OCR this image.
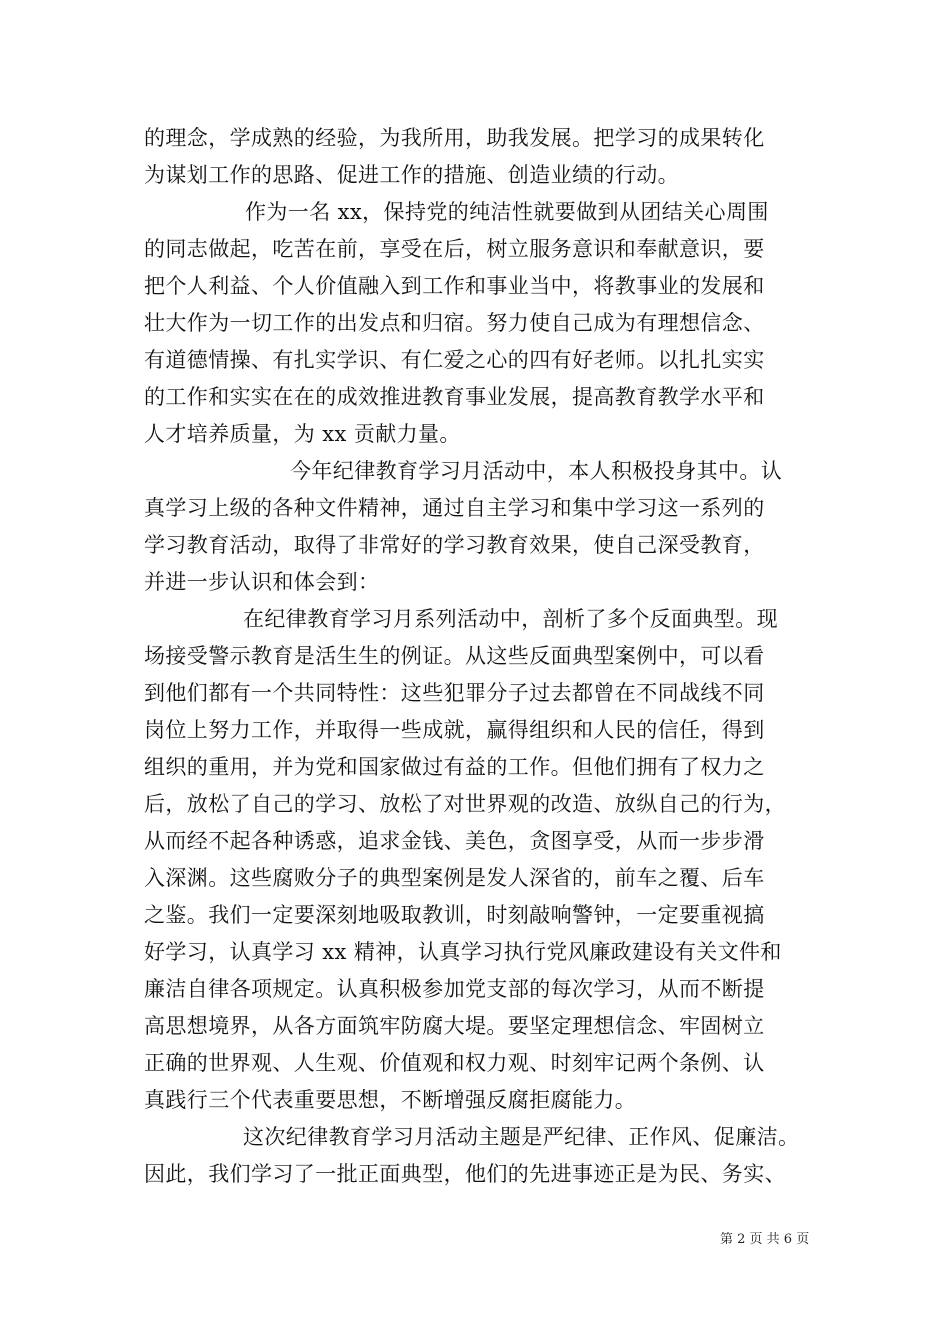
的理念，学成熟的经验，为我所用，助我发展。把学习的成果转化
为谋划工作的思路、促进工作的措施、创造业绩的行动。
作为一名 xx，保持党的纯洁性就要做到从团结关心周围
的同志做起，吃苦在前，享受在后，树立服务意识和奉献意识，要
把个人利益、个人价值融入到工作和事业当中，将教事业的发展和
壮大作为一切工作的出发点和归宿。努力使自己成为有理想信念、
有道德情操、有扎实学识、有仁爱之心的四有好老师。以扎扎实实
的工作和实实在在的成效推进教育事业发展，提高教育教学水平和
人才培养质量，为 xx 贡献力量。
今年纪律教育学习月活动中，本人积极投身其中。认
真学习上级的各种文件精神，通过自主学习和集中学习这一系列的
学习教育活动，取得了非常好的学习教育效果，使自己深受教育，
并进一步认识和体会到：
在纪律教育学习月系列活动中，剖析了多个反面典型。现
场接受警示教育是活生生的例证。从这些反面典型案例中，可以看
到他们都有一个共同特性：这些犯罪分子过去都曾在不同战线不同
岗位上努力工作，并取得一些成就，赢得组织和人民的信任，得到
组织的重用，并为党和国家做过有益的工作。但他们拥有了权力之
后，放松了自己的学习、放松了对世界观的改造、放纵自己的行为，
从而经不起各种诱惑，追求金钱、美色，贪图享受，从而一步步滑
入深渊。这些腐败分子的典型案例是发人深省的，前车之覆、后车
之鉴。我们一定要深刻地吸取教训，时刻敲响警钟，一定要重视搞
好学习，认真学习 xx 精神，认真学习执行党风廉政建设有关文件和
廉洁自律各项规定。认真积极参加党支部的每次学习，从而不断提
高思想境界，从各方面筑牢防腐大堤。要坚定理想信念、牢固树立
正确的世界观、人生观、价值观和权力观、时刻牢记两个条例、认
真践行三个代表重要思想，不断增强反腐拒腐能力。
这次纪律教育学习月活动主题是严纪律、正作风、促廉洁。
因此，我们学习了一批正面典型，他们的先进事迹正是为民、务实、
第 2 页 共 6 页
